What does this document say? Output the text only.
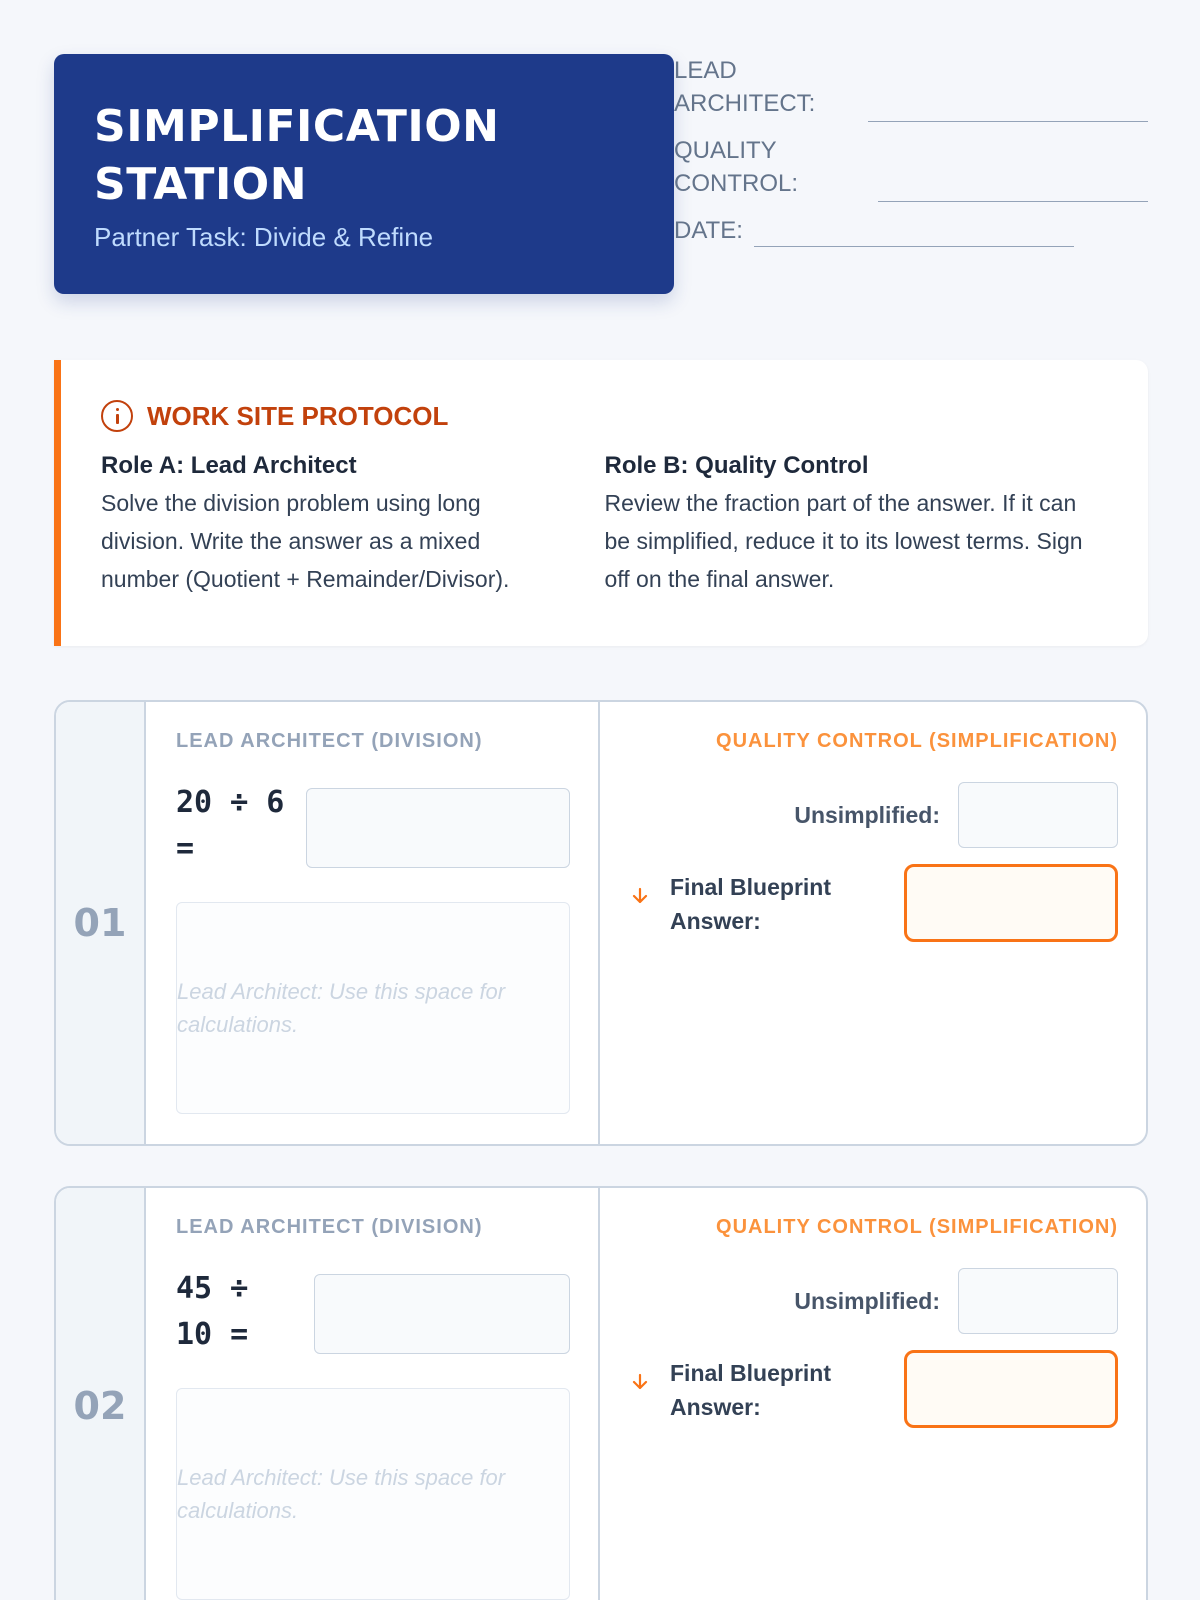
SIMPLIFICATION STATION
Partner Task: Divide & Refine
LEAD ARCHITECT:
QUALITY CONTROL:
DATE:
WORK SITE PROTOCOL
Role A: Lead Architect
Solve the division problem using long division. Write the answer as a mixed number (Quotient + Remainder/Divisor).
Role B: Quality Control
Review the fraction part of the answer. If it can be simplified, reduce it to its lowest terms. Sign off on the final answer.
01
LEAD ARCHITECT (DIVISION)
20 ÷ 6 =
Lead Architect: Use this space for calculations.
QUALITY CONTROL (SIMPLIFICATION)
Unsimplified:
Final Blueprint Answer:
02
LEAD ARCHITECT (DIVISION)
45 ÷ 10 =
Lead Architect: Use this space for calculations.
QUALITY CONTROL (SIMPLIFICATION)
Unsimplified:
Final Blueprint Answer:
